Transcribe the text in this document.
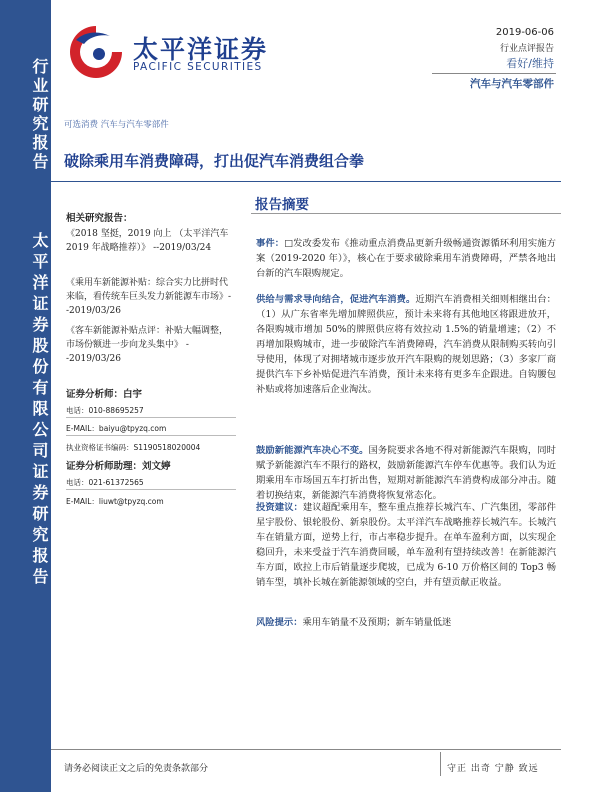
行业研究报告
太平洋证券股份有限公司证券研究报告
太平洋证券
PACIFIC SECURITIES
2019-06-06
行业点评报告
看好/维持
汽车与汽车零部件
可选消费 汽车与汽车零部件
破除乘用车消费障碍，打出促汽车消费组合拳
相关研究报告：
《2018 坚挺，2019 向上 （太平洋汽车 2019 年战略推荐）》 --2019/03/24
《乘用车新能源补贴：综合实力比拼时代来临，看传统车巨头发力新能源车市场》--2019/03/26
《客车新能源补贴点评：补贴大幅调整，市场份额进一步向龙头集中》 --2019/03/26
证券分析师：白宇
电话：010-88695257
E-MAIL：baiyu@tpyzq.com
执业资格证书编码：S1190518020004
证券分析师助理：刘文婷
电话：021-61372565
E-MAIL：liuwt@tpyzq.com
报告摘要
事件：□发改委发布《推动重点消费品更新升级畅通资源循环利用实施方案（2019-2020 年）》，核心在于要求破除乘用车消费障碍，严禁各地出台新的汽车限购规定。
供给与需求导向结合，促进汽车消费。近期汽车消费相关细则相继出台：（1）从广东省率先增加牌照供应，预计未来将有其他地区将跟进放开，各限购城市增加 50%的牌照供应将有效拉动 1.5%的销量增速；（2）不再增加限购城市，进一步破除汽车消费障碍，汽车消费从限制购买转向引导使用，体现了对拥堵城市逐步放开汽车限购的规划思路；（3）多家厂商提供汽车下乡补贴促进汽车消费，预计未来将有更多车企跟进。自钩腰包补贴或将加速落后企业淘汰。
鼓励新能源汽车决心不变。国务院要求各地不得对新能源汽车限购，同时赋予新能源汽车不限行的路权，鼓励新能源汽车停车优惠等。我们认为近期乘用车市场国五车打折出售，短期对新能源汽车消费构成部分冲击。随着切换结束，新能源汽车消费将恢复常态化。
投资建议：建议超配乘用车，整车重点推荐长城汽车、广汽集团，零部件星宇股份、银轮股份、新泉股份。太平洋汽车战略推荐长城汽车。长城汽车在销量方面，逆势上行，市占率稳步提升。在单车盈利方面，以实现企稳回升，未来受益于汽车消费回暖，单车盈利有望持续改善！在新能源汽车方面，欧拉上市后销量逐步爬坡，已成为 6-10 万价格区间的 Top3 畅销车型，填补长城在新能源领域的空白，并有望贡献正收益。
风险提示：乘用车销量不及预期；新车销量低迷
请务必阅读正文之后的免责条款部分	守正 出奇 宁静 致远
